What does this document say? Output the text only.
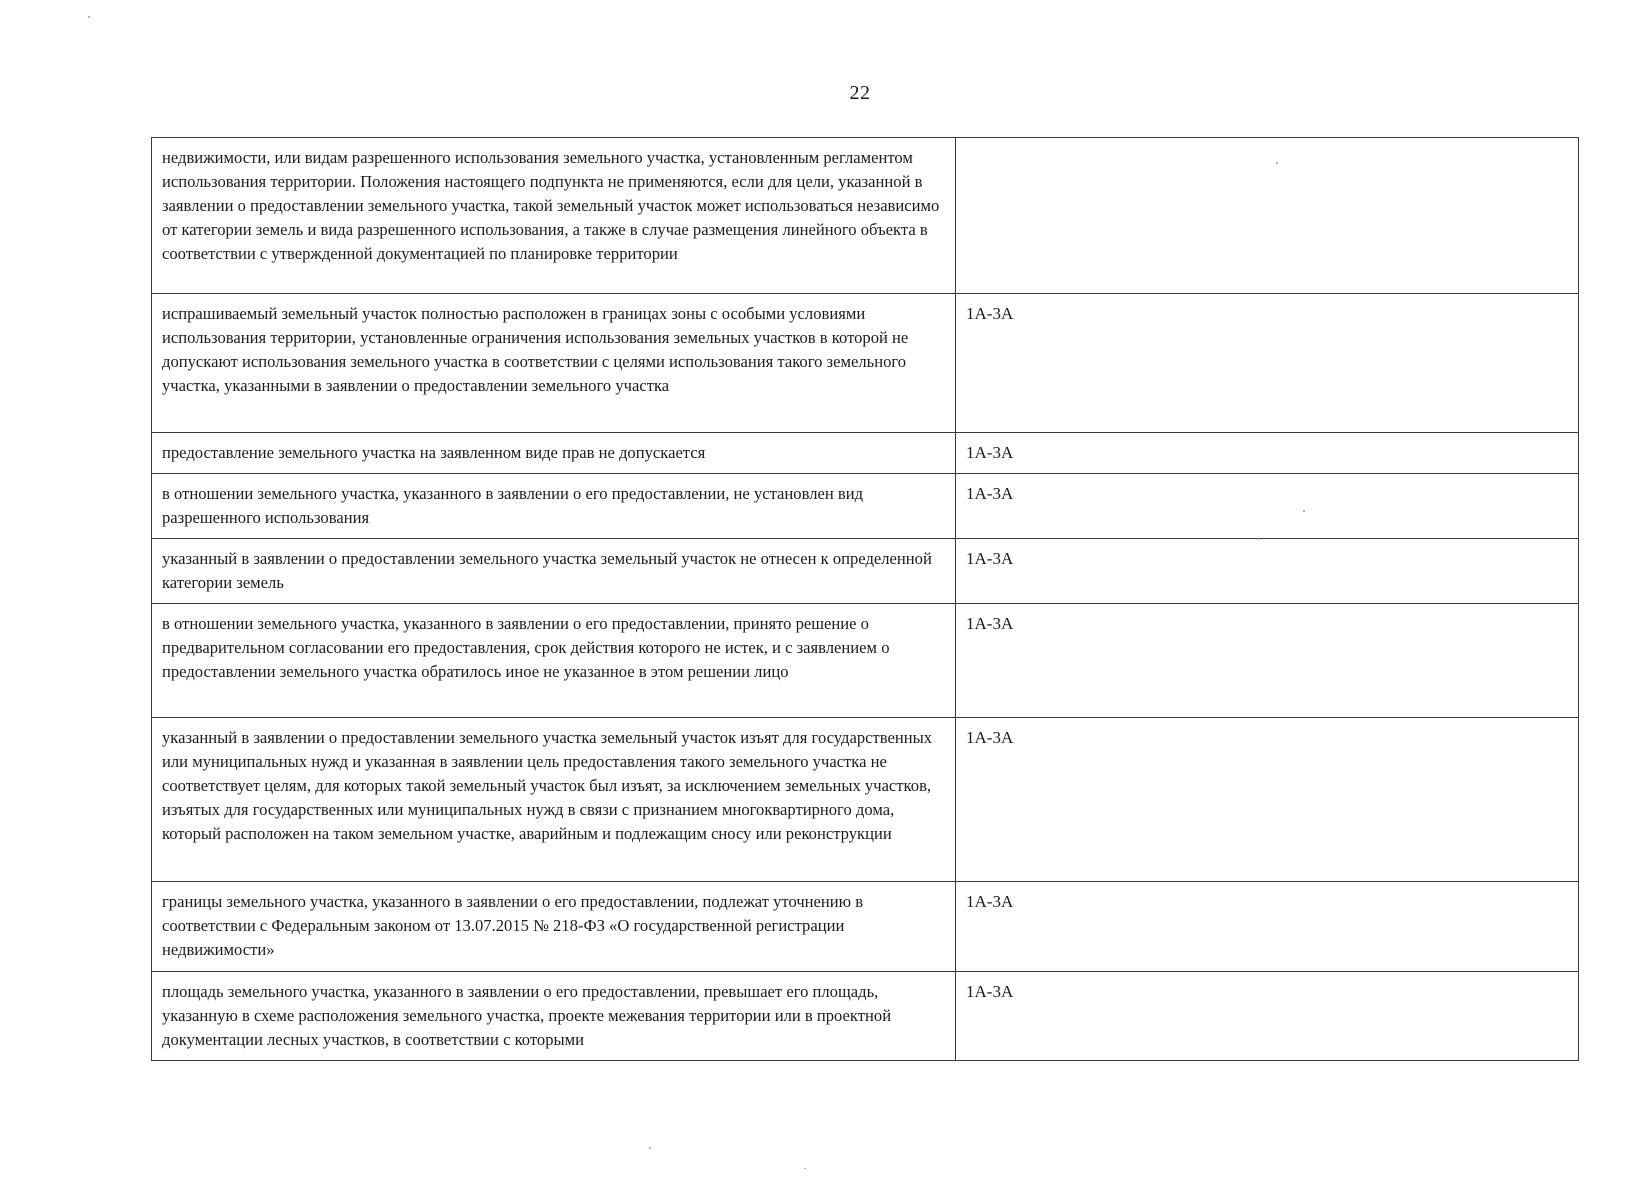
22
недвижимости, или видам разрешенного использования земельного участка, установленным регламентом использования территории. Положения настоящего подпункта не применяются, если для цели, указанной в заявлении о предоставлении земельного участка, такой земельный участок может использоваться независимо от категории земель и вида разрешенного использования, а также в случае размещения линейного объекта в соответствии с утвержденной документацией по планировке территории	
испрашиваемый земельный участок полностью расположен в границах зоны с особыми условиями использования территории, установленные ограничения использования земельных участков в которой не допускают использования земельного участка в соответствии с целями использования такого земельного участка, указанными в заявлении о предоставлении земельного участка	1А-3А
предоставление земельного участка на заявленном виде прав не допускается	1А-3А
в отношении земельного участка, указанного в заявлении о его предоставлении, не установлен вид разрешенного использования	1А-3А
указанный в заявлении о предоставлении земельного участка земельный участок не отнесен к определенной категории земель	1А-3А
в отношении земельного участка, указанного в заявлении о его предоставлении, принято решение о предварительном согласовании его предоставления, срок действия которого не истек, и с заявлением о предоставлении земельного участка обратилось иное не указанное в этом решении лицо	1А-3А
указанный в заявлении о предоставлении земельного участка земельный участок изъят для государственных или муниципальных нужд и указанная в заявлении цель предоставления такого земельного участка не соответствует целям, для которых такой земельный участок был изъят, за исключением земельных участков, изъятых для государственных или муниципальных нужд в связи с признанием многоквартирного дома, который расположен на таком земельном участке, аварийным и подлежащим сносу или реконструкции	1А-3А
границы земельного участка, указанного в заявлении о его предоставлении, подлежат уточнению в соответствии с Федеральным законом от 13.07.2015 № 218-ФЗ «О государственной регистрации недвижимости»	1А-3А
площадь земельного участка, указанного в заявлении о его предоставлении, превышает его площадь, указанную в схеме расположения земельного участка, проекте межевания территории или в проектной документации лесных участков, в соответствии с которыми	1А-3А
